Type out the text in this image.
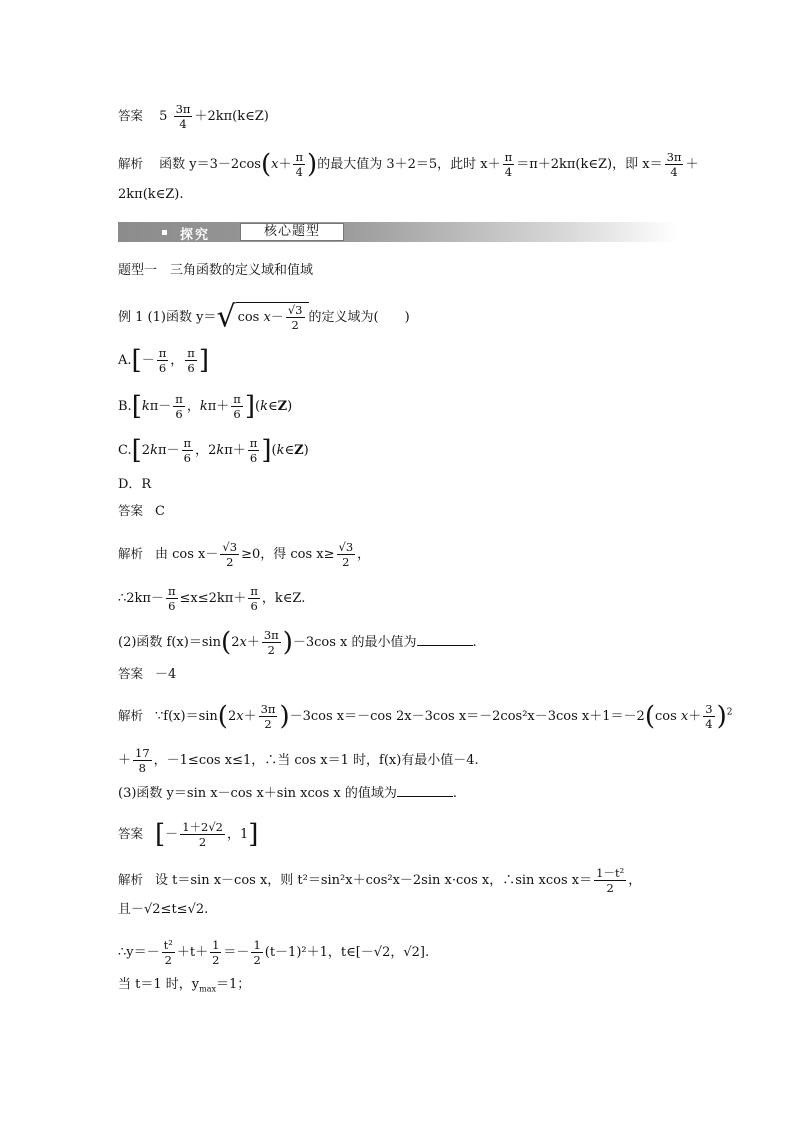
答案 $5 \frac{3\pi}{4}$ ＋2kπ(k∈Z)
解析 函数 $y=3-2\cos(x+ \frac{\pi}{4}$ )的最大值为 3＋2＝5，此时 $x+ \frac{\pi}{4}$ ＝π＋2kπ(k∈Z)，即 $x= \frac{3\pi}{4}$ ＋
2kπ(k∈Z).
探究	核心题型
题型一　三角函数的定义域和值域
例 1 (1)函数 y＝√ $\cos x- \frac{√3}{2}$ 的定义域为(　　)
$A.[- \frac{\pi}{6}$ ， $\frac{\pi}{6}$ ]
$B.[k\pi- \frac{\pi}{6}$ ，$k\pi+ \frac{\pi}{6}$ ](k∈Z)
$C.[2k\pi- \frac{\pi}{6}$ ，$2k\pi+ \frac{\pi}{6}$ ](k∈Z)
D．R
答案 C
解析 由 $\cos x- \frac{√3}{2} \ge 0$，得 $\cos x\ge \frac{√3}{2}$ ，
∴2kπ－ $\frac{\pi}{6} \le x\le 2k\pi+ \frac{\pi}{6}$ ，k∈Z.
(2)函数 $f(x)=\sin(2x+ \frac{3\pi}{2} )-3\cos$ x 的最小值为	.
答案 －4
解析 ∵f(x)＝sin(2x＋ $\frac{3\pi}{2} )-3\cos$ x＝－cos 2x－3cos x＝－2cos²x－3cos x＋1＝－2(cos $x+ \frac{3}{4} )^2$
＋ $\frac{17}{8}$ ，－1≤cos x≤1，∴当 cos x＝1 时，f(x)有最小值－4.
(3)函数 y＝sin x－cos x＋sin xcos x 的值域为	.
答案 [－ $\frac{1+2√2}{2}$ ，1]
解析 设 t＝sin x－cos x，则 t²＝sin²x＋cos²x－2sin x·cos x，∴sin xcos $x= \frac{\text{1－t²}}{2}$ ，
且－√2≤t≤√2.
∴y＝－ $\frac{\text{t²}}{2} +t+ \frac{1}{2} =- \frac{1}{2} (t-1)^2+1$，t∈[－√2，√2].
当 t＝1 时，$y_{max}=1$；
